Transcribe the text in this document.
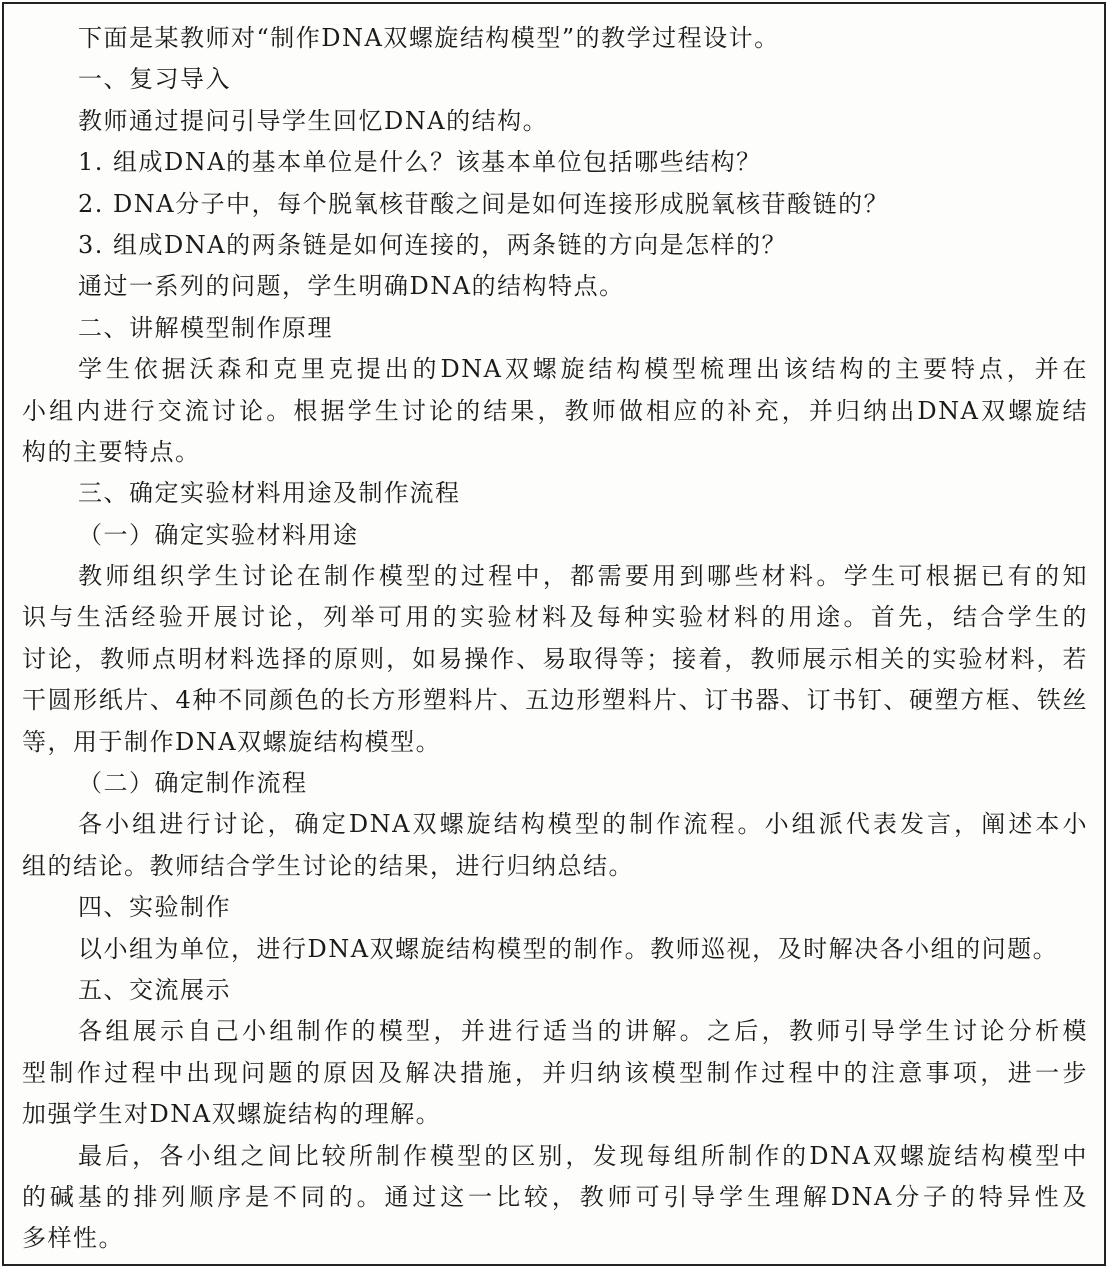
下面是某教师对“制作DNA双螺旋结构模型”的教学过程设计。
一、复习导入
教师通过提问引导学生回忆DNA的结构。
1. 组成DNA的基本单位是什么？该基本单位包括哪些结构？
2. DNA分子中，每个脱氧核苷酸之间是如何连接形成脱氧核苷酸链的？
3. 组成DNA的两条链是如何连接的，两条链的方向是怎样的？
通过一系列的问题，学生明确DNA的结构特点。
二、讲解模型制作原理
学生依据沃森和克里克提出的DNA双螺旋结构模型梳理出该结构的主要特点，并在
小组内进行交流讨论。根据学生讨论的结果，教师做相应的补充，并归纳出DNA双螺旋结
构的主要特点。
三、确定实验材料用途及制作流程
（一）确定实验材料用途
教师组织学生讨论在制作模型的过程中，都需要用到哪些材料。学生可根据已有的知
识与生活经验开展讨论，列举可用的实验材料及每种实验材料的用途。首先，结合学生的
讨论，教师点明材料选择的原则，如易操作、易取得等；接着，教师展示相关的实验材料，若
干圆形纸片、4种不同颜色的长方形塑料片、五边形塑料片、订书器、订书钉、硬塑方框、铁丝
等，用于制作DNA双螺旋结构模型。
（二）确定制作流程
各小组进行讨论，确定DNA双螺旋结构模型的制作流程。小组派代表发言，阐述本小
组的结论。教师结合学生讨论的结果，进行归纳总结。
四、实验制作
以小组为单位，进行DNA双螺旋结构模型的制作。教师巡视，及时解决各小组的问题。
五、交流展示
各组展示自己小组制作的模型，并进行适当的讲解。之后，教师引导学生讨论分析模
型制作过程中出现问题的原因及解决措施，并归纳该模型制作过程中的注意事项，进一步
加强学生对DNA双螺旋结构的理解。
最后，各小组之间比较所制作模型的区别，发现每组所制作的DNA双螺旋结构模型中
的碱基的排列顺序是不同的。通过这一比较，教师可引导学生理解DNA分子的特异性及
多样性。
